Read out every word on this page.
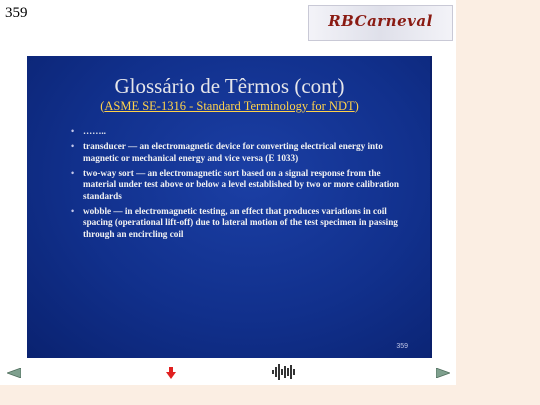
359	RBCarneval
Glossário de Têrmos (cont)
(ASME SE-1316 - Standard Terminology for NDT)
• ……..
• transducer — an electromagnetic device for converting electrical energy into magnetic or mechanical energy and vice versa (E 1033)
• two-way sort — an electromagnetic sort based on a signal response from the material under test above or below a level established by two or more calibration standards
• wobble — in electromagnetic testing, an effect that produces variations in coil spacing (operational lift-off) due to lateral motion of the test specimen in passing through an encircling coil
359
